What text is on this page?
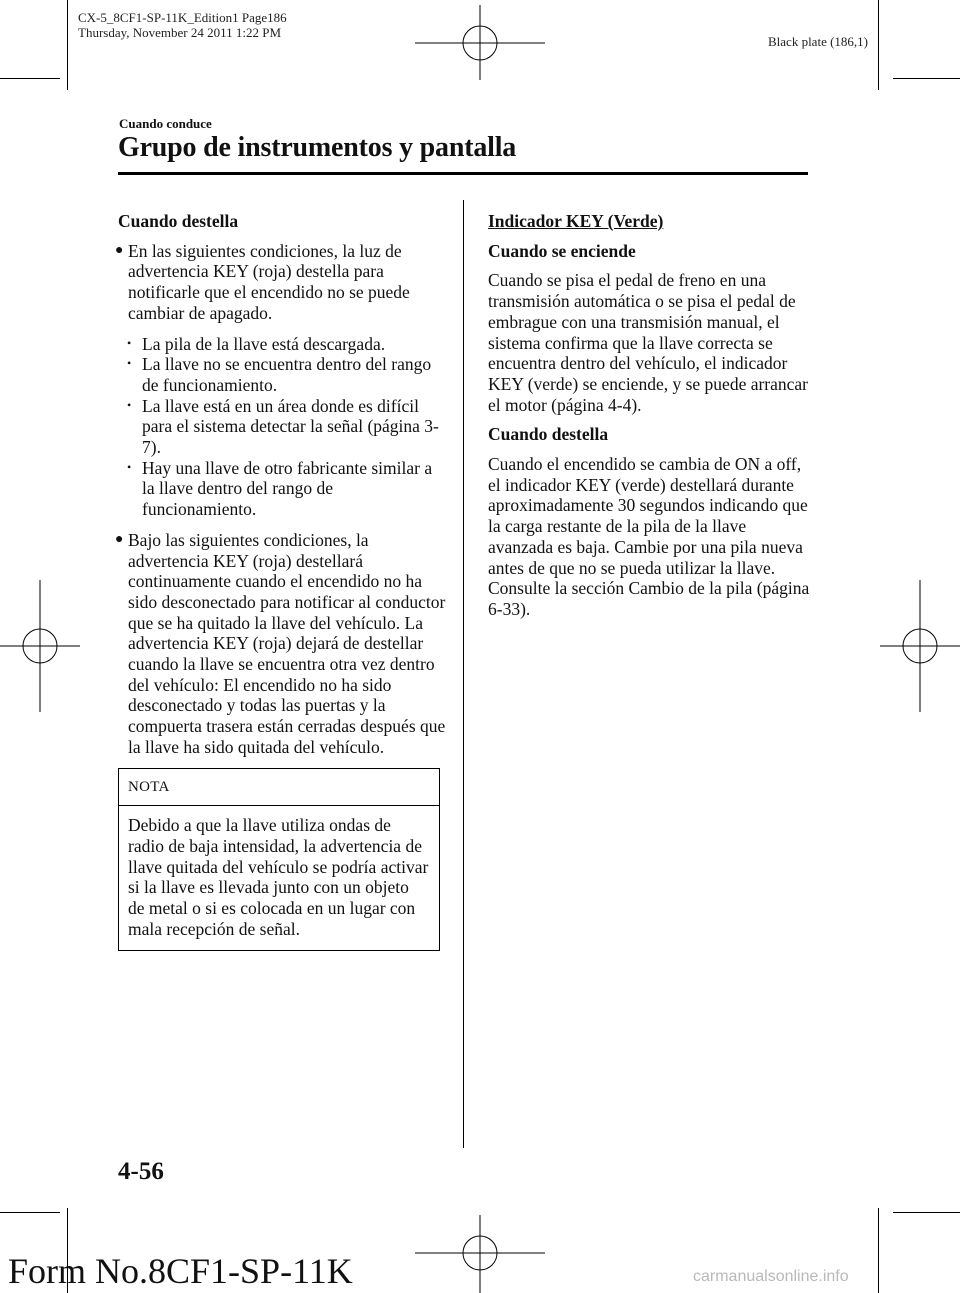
CX-5_8CF1-SP-11K_Edition1 Page186
Thursday, November 24 2011 1:22 PM
Black plate (186,1)
Cuando conduce
Grupo de instrumentos y pantalla
Cuando destella
● En las siguientes condiciones, la luz de advertencia KEY (roja) destella para notificarle que el encendido no se puede cambiar de apagado.
• La pila de la llave está descargada.
• La llave no se encuentra dentro del rango de funcionamiento.
• La llave está en un área donde es difícil para el sistema detectar la señal (página 3-7).
• Hay una llave de otro fabricante similar a la llave dentro del rango de funcionamiento.
● Bajo las siguientes condiciones, la advertencia KEY (roja) destellará continuamente cuando el encendido no ha sido desconectado para notificar al conductor que se ha quitado la llave del vehículo. La advertencia KEY (roja) dejará de destellar cuando la llave se encuentra otra vez dentro del vehículo: El encendido no ha sido desconectado y todas las puertas y la compuerta trasera están cerradas después que la llave ha sido quitada del vehículo.
NOTA
Debido a que la llave utiliza ondas de radio de baja intensidad, la advertencia de llave quitada del vehículo se podría activar si la llave es llevada junto con un objeto de metal o si es colocada en un lugar con mala recepción de señal.
Indicador KEY (Verde)
Cuando se enciende
Cuando se pisa el pedal de freno en una transmisión automática o se pisa el pedal de embrague con una transmisión manual, el sistema confirma que la llave correcta se encuentra dentro del vehículo, el indicador KEY (verde) se enciende, y se puede arrancar el motor (página 4-4).
Cuando destella
Cuando el encendido se cambia de ON a off, el indicador KEY (verde) destellará durante aproximadamente 30 segundos indicando que la carga restante de la pila de la llave avanzada es baja. Cambie por una pila nueva antes de que no se pueda utilizar la llave.
Consulte la sección Cambio de la pila (página 6-33).
4-56
Form No.8CF1-SP-11K	carmanualsonline.info
